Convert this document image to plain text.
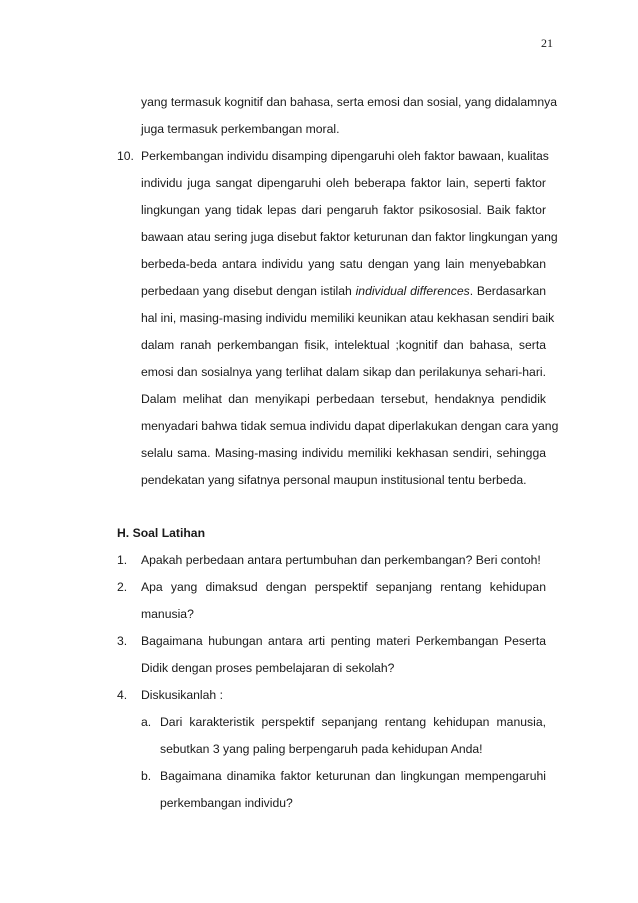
21
yang termasuk kognitif dan bahasa, serta emosi dan sosial, yang didalamnya
juga termasuk perkembangan moral.
10. Perkembangan individu disamping dipengaruhi oleh faktor bawaan, kualitas
individu juga sangat dipengaruhi oleh beberapa faktor lain, seperti faktor
lingkungan yang tidak lepas dari pengaruh faktor psikososial. Baik faktor
bawaan atau sering juga disebut faktor keturunan dan faktor lingkungan yang
berbeda-beda antara individu yang satu dengan yang lain menyebabkan
perbedaan yang disebut dengan istilah individual differences. Berdasarkan
hal ini, masing-masing individu memiliki keunikan atau kekhasan sendiri baik
dalam ranah perkembangan fisik, intelektual ;kognitif dan bahasa, serta
emosi dan sosialnya yang terlihat dalam sikap dan perilakunya sehari-hari.
Dalam melihat dan menyikapi perbedaan tersebut, hendaknya pendidik
menyadari bahwa tidak semua individu dapat diperlakukan dengan cara yang
selalu sama. Masing-masing individu memiliki kekhasan sendiri, sehingga
pendekatan yang sifatnya personal maupun institusional tentu berbeda.
H. Soal Latihan
1. Apakah perbedaan antara pertumbuhan dan perkembangan? Beri contoh!
2. Apa yang dimaksud dengan perspektif sepanjang rentang kehidupan
manusia?
3. Bagaimana hubungan antara arti penting materi Perkembangan Peserta
Didik dengan proses pembelajaran di sekolah?
4. Diskusikanlah :
a. Dari karakteristik perspektif sepanjang rentang kehidupan manusia,
sebutkan 3 yang paling berpengaruh pada kehidupan Anda!
b. Bagaimana dinamika faktor keturunan dan lingkungan mempengaruhi
perkembangan individu?
